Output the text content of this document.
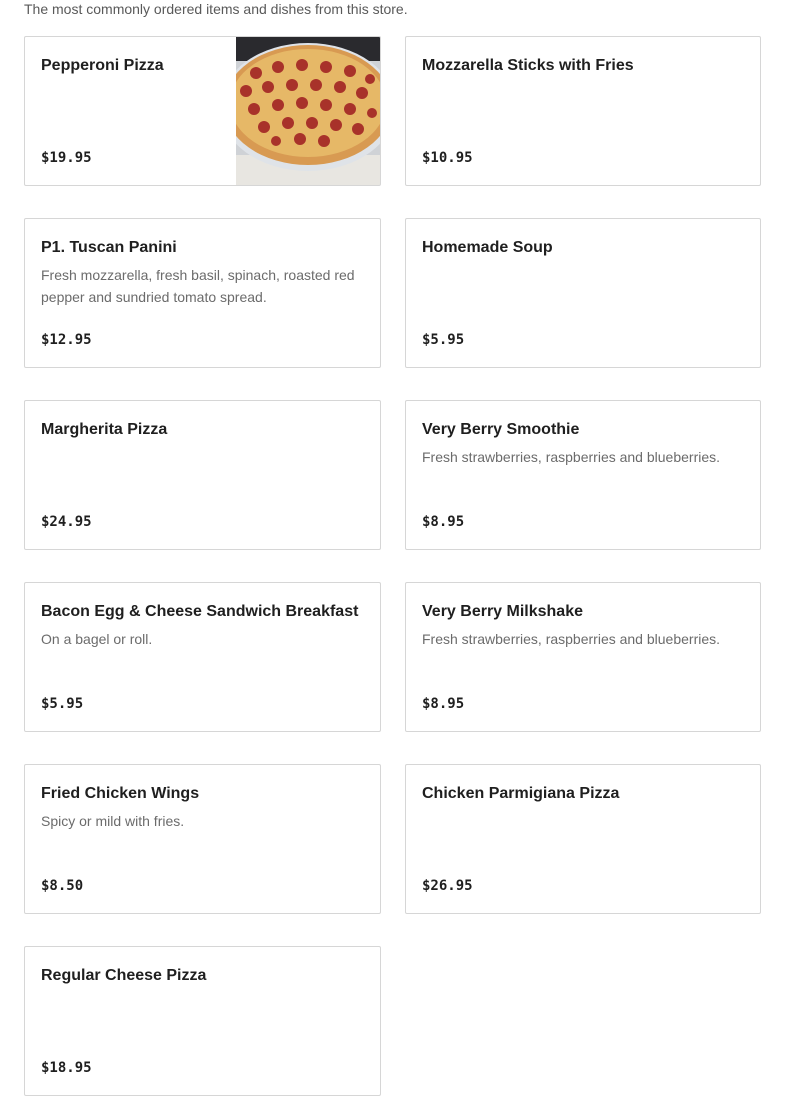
The most commonly ordered items and dishes from this store.
Pepperoni Pizza
$19.95
Mozzarella Sticks with Fries
$10.95
P1. Tuscan Panini
Fresh mozzarella, fresh basil, spinach, roasted red pepper and sundried tomato spread.
$12.95
Homemade Soup
$5.95
Margherita Pizza
$24.95
Very Berry Smoothie
Fresh strawberries, raspberries and blueberries.
$8.95
Bacon Egg & Cheese Sandwich Breakfast
On a bagel or roll.
$5.95
Very Berry Milkshake
Fresh strawberries, raspberries and blueberries.
$8.95
Fried Chicken Wings
Spicy or mild with fries.
$8.50
Chicken Parmigiana Pizza
$26.95
Regular Cheese Pizza
$18.95
